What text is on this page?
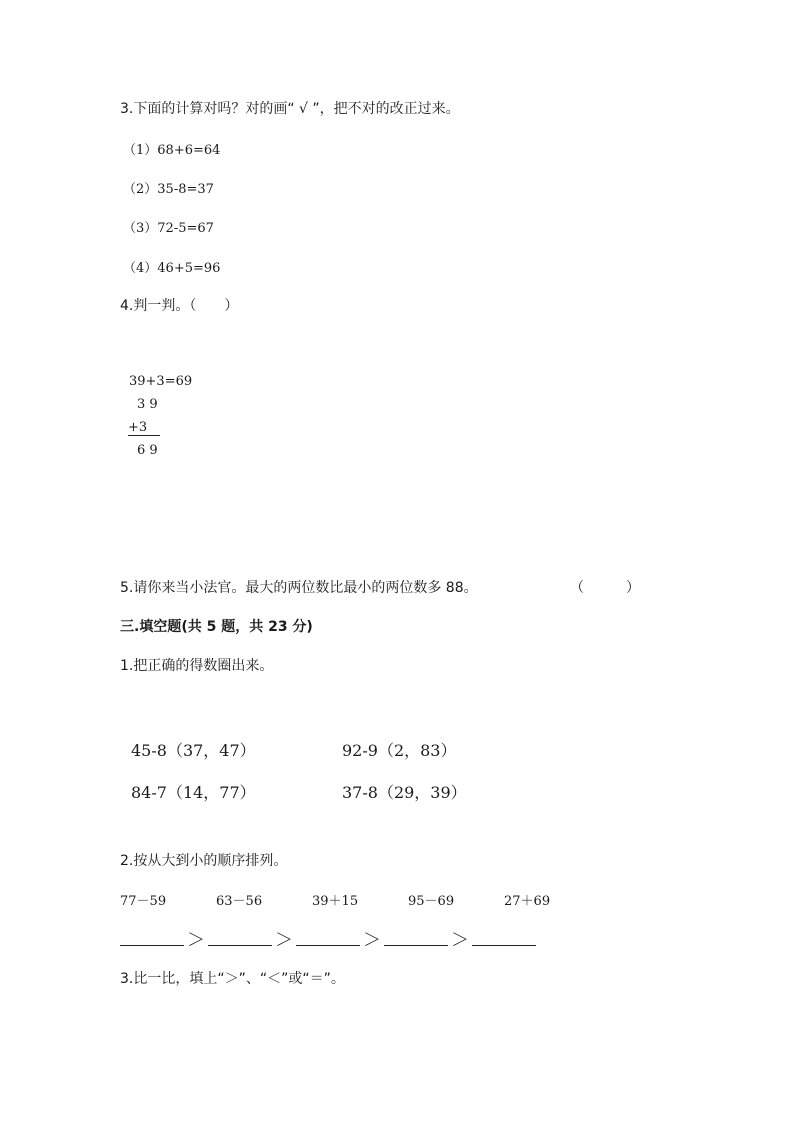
3.下面的计算对吗？对的画“ √ ”，把不对的改正过来。
（1）68+6=64
（2）35-8=37
（3）72-5=67
（4）46+5=96
4.判一判。（　　）
39+3=69
3 9
+3
6 9
5.请你来当小法官。最大的两位数比最小的两位数多 88。	（　　　）
三.填空题(共 5 题，共 23 分)
1.把正确的得数圈出来。
45-8（37，47）	92-9（2，83）
84-7（14，77）	37-8（29，39）
2.按从大到小的顺序排列。
77－59	63－56	39＋15	95－69	27＋69
＞	＞	＞	＞
3.比一比，填上“＞”、“＜”或“＝”。
